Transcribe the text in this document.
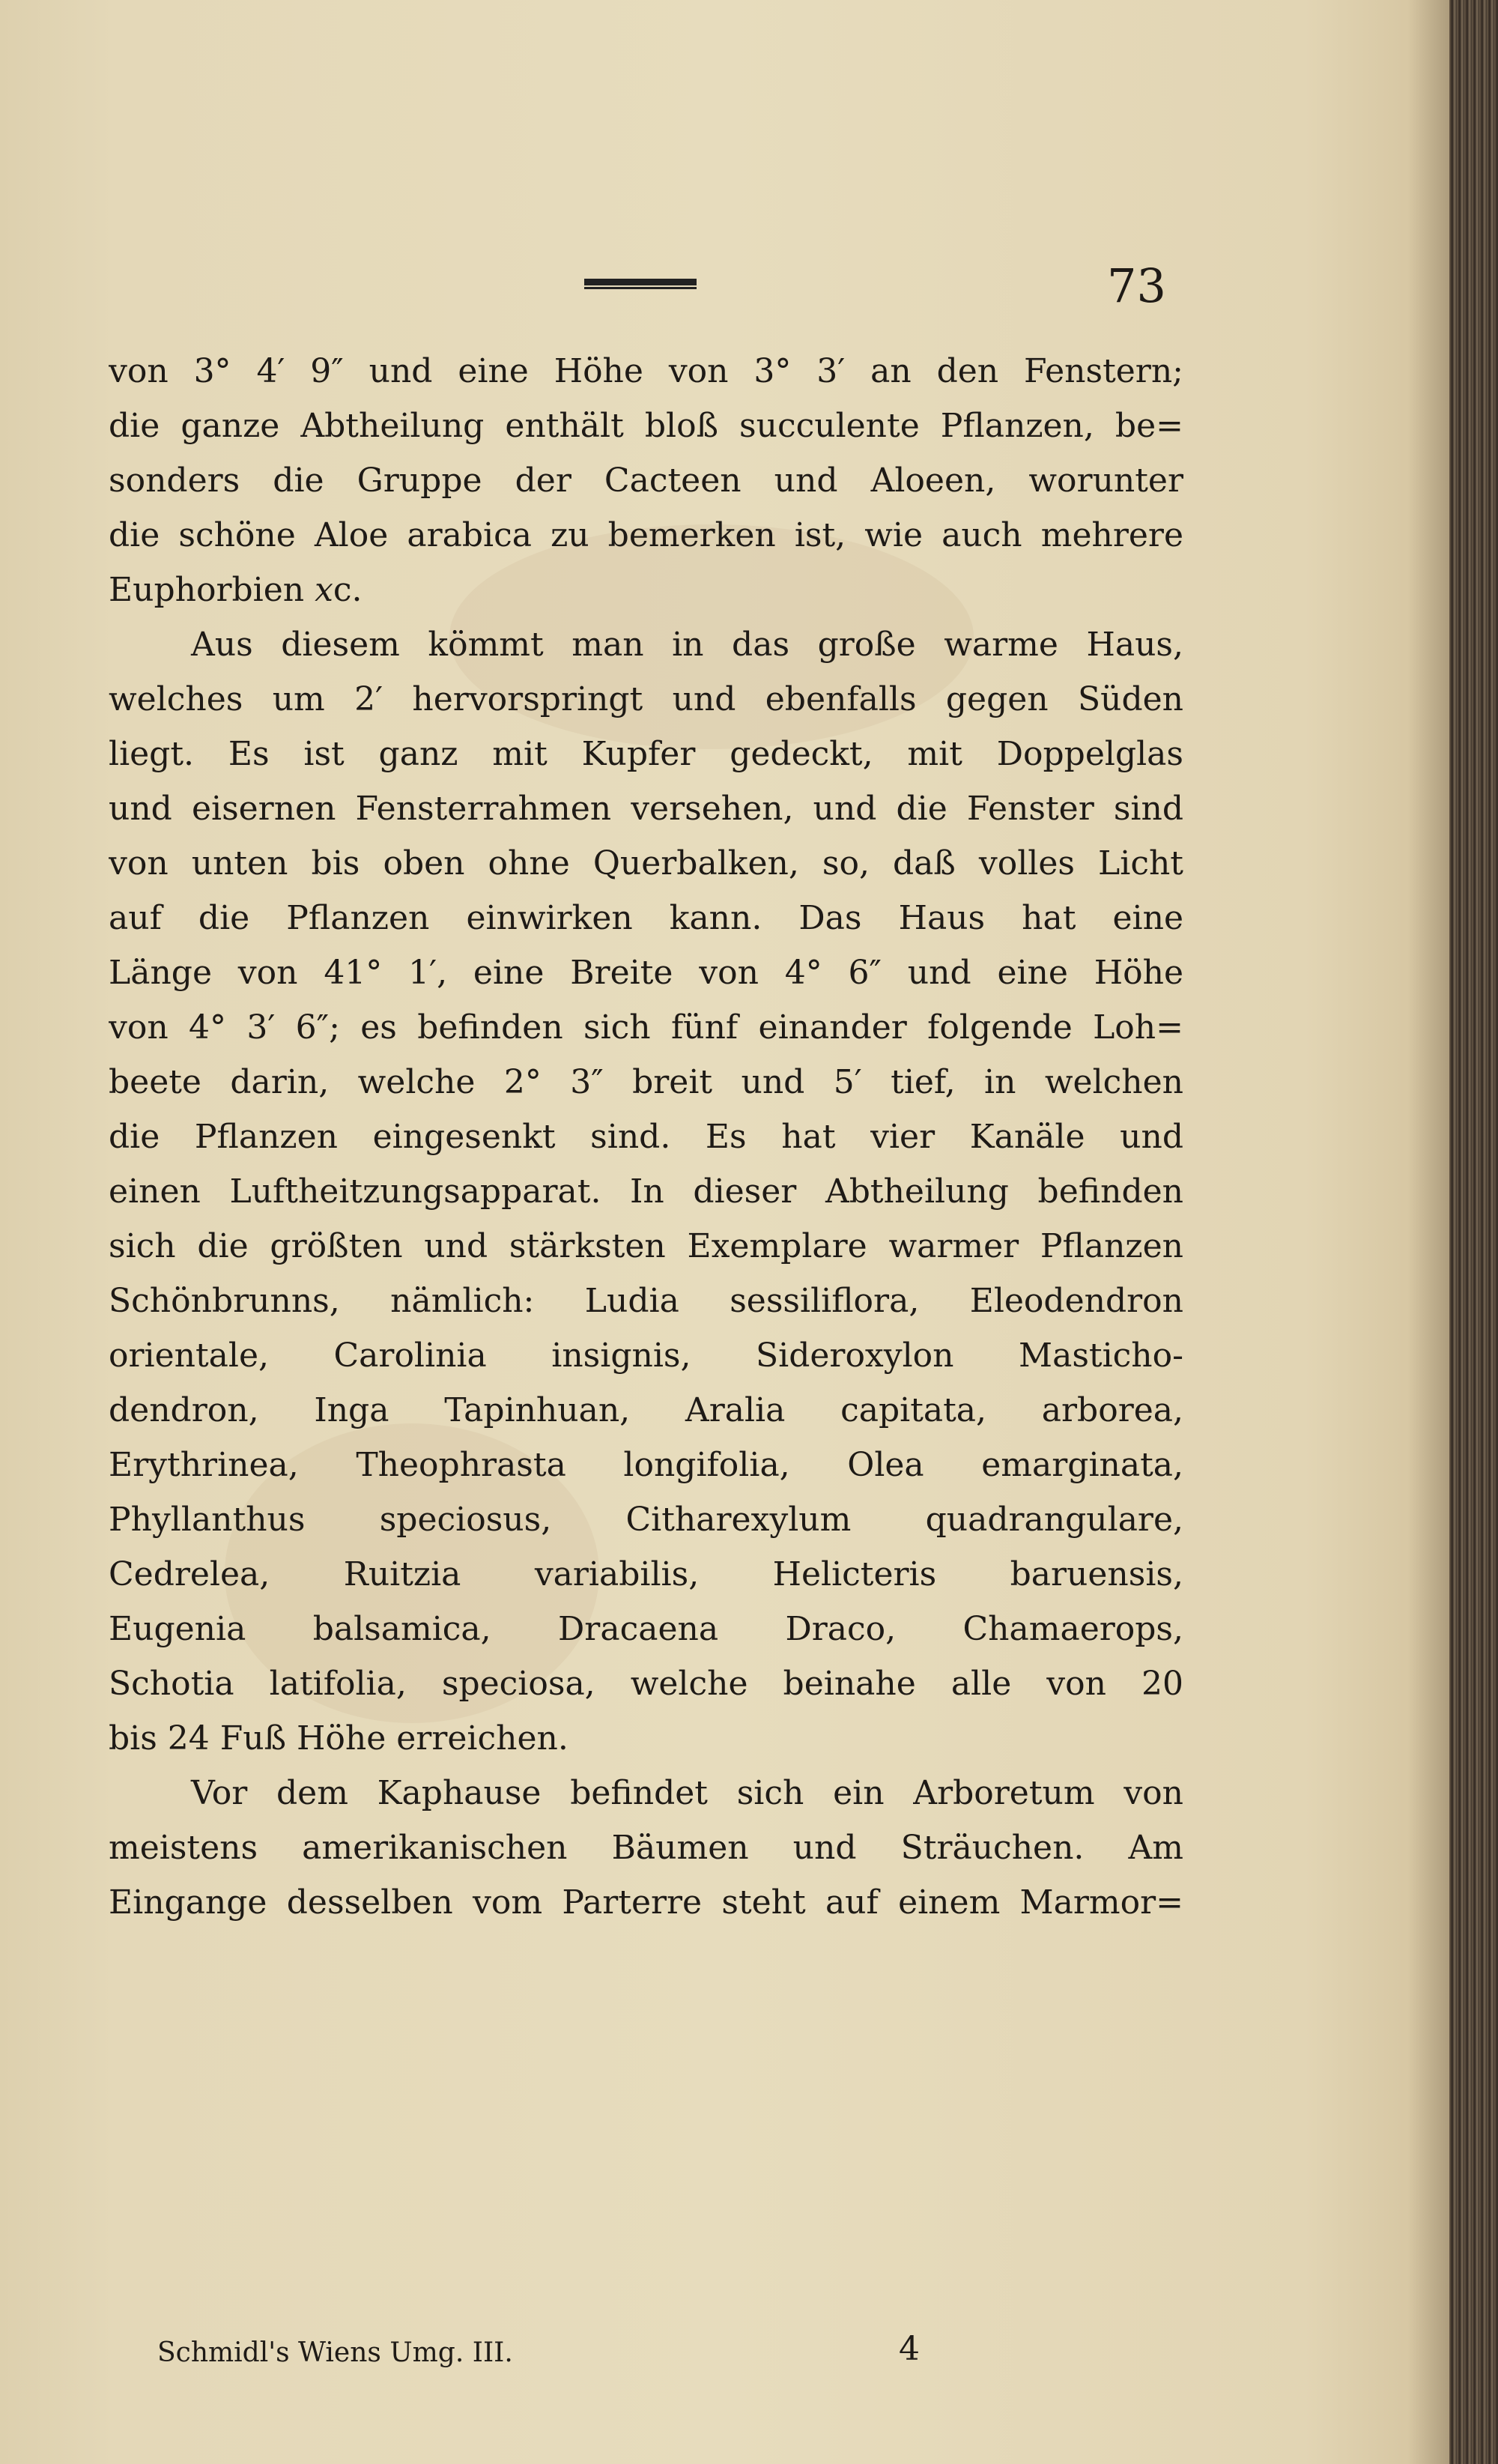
73
von 3° 4′ 9″ und eine Höhe von 3° 3′ an den Fenstern;
die ganze Abtheilung enthält bloß succulente Pflanzen, be=
sonders die Gruppe der Cacteen und Aloeen, worunter
die schöne Aloe arabica zu bemerken ist, wie auch mehrere
Euphorbien 𝑥c.
Aus diesem kömmt man in das große warme Haus,
welches um 2′ hervorspringt und ebenfalls gegen Süden
liegt. Es ist ganz mit Kupfer gedeckt, mit Doppelglas
und eisernen Fensterrahmen versehen, und die Fenster sind
von unten bis oben ohne Querbalken, so, daß volles Licht
auf die Pflanzen einwirken kann. Das Haus hat eine
Länge von 41° 1′, eine Breite von 4° 6″ und eine Höhe
von 4° 3′ 6″; es befinden sich fünf einander folgende Loh=
beete darin, welche 2° 3″ breit und 5′ tief, in welchen
die Pflanzen eingesenkt sind. Es hat vier Kanäle und
einen Luftheitzungsapparat. In dieser Abtheilung befinden
sich die größten und stärksten Exemplare warmer Pflanzen
Schönbrunns, nämlich: Ludia sessiliflora, Eleodendron
orientale, Carolinia insignis, Sideroxylon Masticho-
dendron, Inga Tapinhuan, Aralia capitata, arborea,
Erythrinea, Theophrasta longifolia, Olea emarginata,
Phyllanthus speciosus, Citharexylum quadrangulare,
Cedrelea, Ruitzia variabilis, Helicteris baruensis,
Eugenia balsamica, Dracaena Draco, Chamaerops,
Schotia latifolia, speciosa, welche beinahe alle von 20
bis 24 Fuß Höhe erreichen.
Vor dem Kaphause befindet sich ein Arboretum von
meistens amerikanischen Bäumen und Sträuchen. Am
Eingange desselben vom Parterre steht auf einem Marmor=
Schmidl's Wiens Umg. III.	4
